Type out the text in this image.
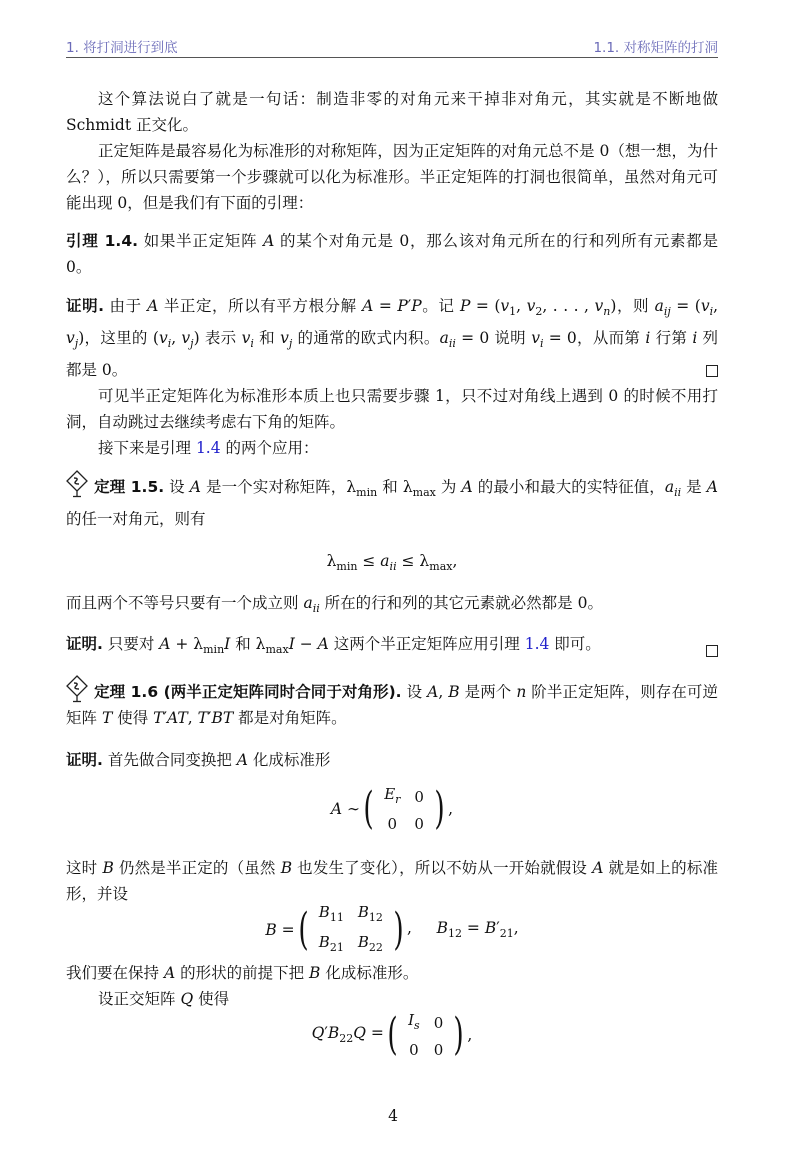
1. 将打洞进行到底	1.1. 对称矩阵的打洞
这个算法说白了就是一句话：制造非零的对角元来干掉非对角元，其实就是不断地做 Schmidt 正交化。
正定矩阵是最容易化为标准形的对称矩阵，因为正定矩阵的对角元总不是 0（想一想，为什么？），所以只需要第一个步骤就可以化为标准形。半正定矩阵的打洞也很简单，虽然对角元可能出现 0，但是我们有下面的引理：
引理 1.4. 如果半正定矩阵 A 的某个对角元是 0，那么该对角元所在的行和列所有元素都是 0。
证明. 由于 A 半正定，所以有平方根分解 A = P′P。记 $P = (v_1$, $v_2$, . . . , $v_n$)，则 $a_{ij} = (v_i$, $v_j$)，这里的 ($v_i$, $v_j$) 表示 $v_i$ 和 $v_j$ 的通常的欧式内积。$a_{ii} = 0$ 说明 $v_i = 0$，从而第 i 行第 i 列都是 0。
可见半正定矩阵化为标准形本质上也只需要步骤 1，只不过对角线上遇到 0 的时候不用打洞，自动跳过去继续考虑右下角的矩阵。
接下来是引理 1.4 的两个应用：
定理 1.5. 设 A 是一个实对称矩阵，$\lambda_{min}$ 和 $\lambda_{max}$ 为 A 的最小和最大的实特征值，$a_{ii}$ 是 A 的任一对角元，则有
$\lambda_{min} \le a_{ii} \le \lambda_{max}$,
而且两个不等号只要有一个成立则 $a_{ii}$ 所在的行和列的其它元素就必然都是 0。
证明. 只要对 $A + \lambda_{min}I$ 和 $\lambda_{max}I - A$ 这两个半正定矩阵应用引理 1.4 即可。
定理 1.6 (两半正定矩阵同时合同于对角形). 设 A, B 是两个 n 阶半正定矩阵，则存在可逆矩阵 T 使得 T′AT, T′BT 都是对角矩阵。
证明. 首先做合同变换把 A 化成标准形
A ∼ ( $E_r$	0
0	0 ) ,
这时 B 仍然是半正定的（虽然 B 也发生了变化），所以不妨从一开始就假设 A 就是如上的标准形，并设
B = ( $B_{11}$	$B_{12}$
$B_{21}$	$B_{22}$ ) ,     $B_{12} = B'_{21}$,
我们要在保持 A 的形状的前提下把 B 化成标准形。
设正交矩阵 Q 使得
$Q'B_{22}Q$ = ( $I_s$	0
0	0 ) ,
4
